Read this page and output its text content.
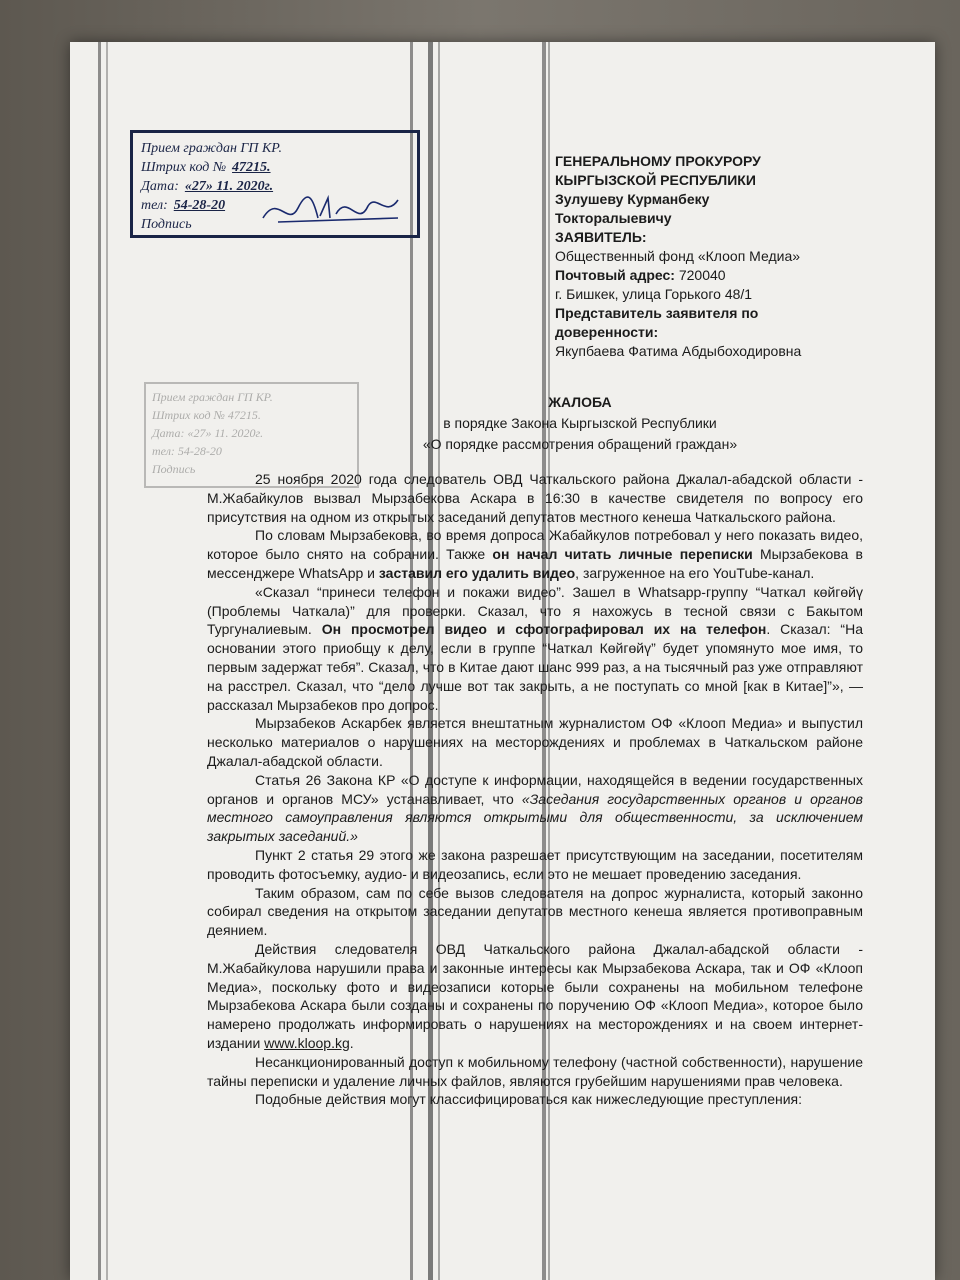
Прием граждан ГП КР.
Штрих код № 47215.
Дата: «27» 11. 2020г.
тел: 54-28-20
Подпись
Прием граждан ГП КР.
Штрих код № 47215.
Дата: «27» 11. 2020г.
тел: 54-28-20
Подпись
ГЕНЕРАЛЬНОМУ ПРОКУРОРУ
КЫРГЫЗСКОЙ РЕСПУБЛИКИ
Зулушеву Курманбеку
Токторалыевичу
ЗАЯВИТЕЛЬ:
Общественный фонд «Клооп Медиа»
Почтовый адрес: 720040
г. Бишкек, улица Горького 48/1
Представитель заявителя по
доверенности:
Якупбаева Фатима Абдыбоходировна
ЖАЛОБА
в порядке Закона Кыргызской Республики
«О порядке рассмотрения обращений граждан»

25 ноября 2020 года следователь ОВД Чаткальского района Джалал-абадской области - М.Жабайкулов вызвал Мырзабекова Аскара в 16:30 в качестве свидетеля по вопросу его присутствия на одном из открытых заседаний депутатов местного кенеша Чаткальского района.

По словам Мырзабекова, во время допроса Жабайкулов потребовал у него показать видео, которое было снято на собрании. Также он начал читать личные переписки Мырзабекова в мессенджере WhatsApp и заставил его удалить видео, загруженное на его YouTube-канал.

«Сказал “принеси телефон и покажи видео”. Зашел в Whatsapp-группу “Чаткал көйгөйү (Проблемы Чаткала)” для проверки. Сказал, что я нахожусь в тесной связи с Бакытом Тургуналиевым. Он просмотрел видео и сфотографировал их на телефон. Сказал: “На основании этого приобщу к делу, если в группе “Чаткал Көйгөйү” будет упомянуто мое имя, то первым задержат тебя”. Сказал, что в Китае дают шанс 999 раз, а на тысячный раз уже отправляют на расстрел. Сказал, что “дело лучше вот так закрыть, а не поступать со мной [как в Китае]”», — рассказал Мырзабеков про допрос.

Мырзабеков Аскарбек является внештатным журналистом ОФ «Клооп Медиа» и выпустил несколько материалов о нарушениях на месторождениях и проблемах в Чаткальском районе Джалал-абадской области.

Статья 26 Закона КР «О доступе к информации, находящейся в ведении государственных органов и органов МСУ» устанавливает, что «Заседания государственных органов и органов местного самоуправления являются открытыми для общественности, за исключением закрытых заседаний.»

Пункт 2 статья 29 этого же закона разрешает присутствующим на заседании, посетителям проводить фотосъемку, аудио- и видеозапись, если это не мешает проведению заседания.

Таким образом, сам по себе вызов следователя на допрос журналиста, который законно собирал сведения на открытом заседании депутатов местного кенеша является противоправным деянием.

Действия следователя ОВД Чаткальского района Джалал-абадской области - М.Жабайкулова нарушили права и законные интересы как Мырзабекова Аскара, так и ОФ «Клооп Медиа», поскольку фото и видеозаписи которые были сохранены на мобильном телефоне Мырзабекова Аскара были созданы и сохранены по поручению ОФ «Клооп Медиа», которое было намерено продолжать информировать о нарушениях на месторождениях и на своем интернет-издании www.kloop.kg.

Несанкционированный доступ к мобильному телефону (частной собственности), нарушение тайны переписки и удаление личных файлов, являются грубейшим нарушениями прав человека.

Подобные действия могут классифицироваться как нижеследующие преступления:
